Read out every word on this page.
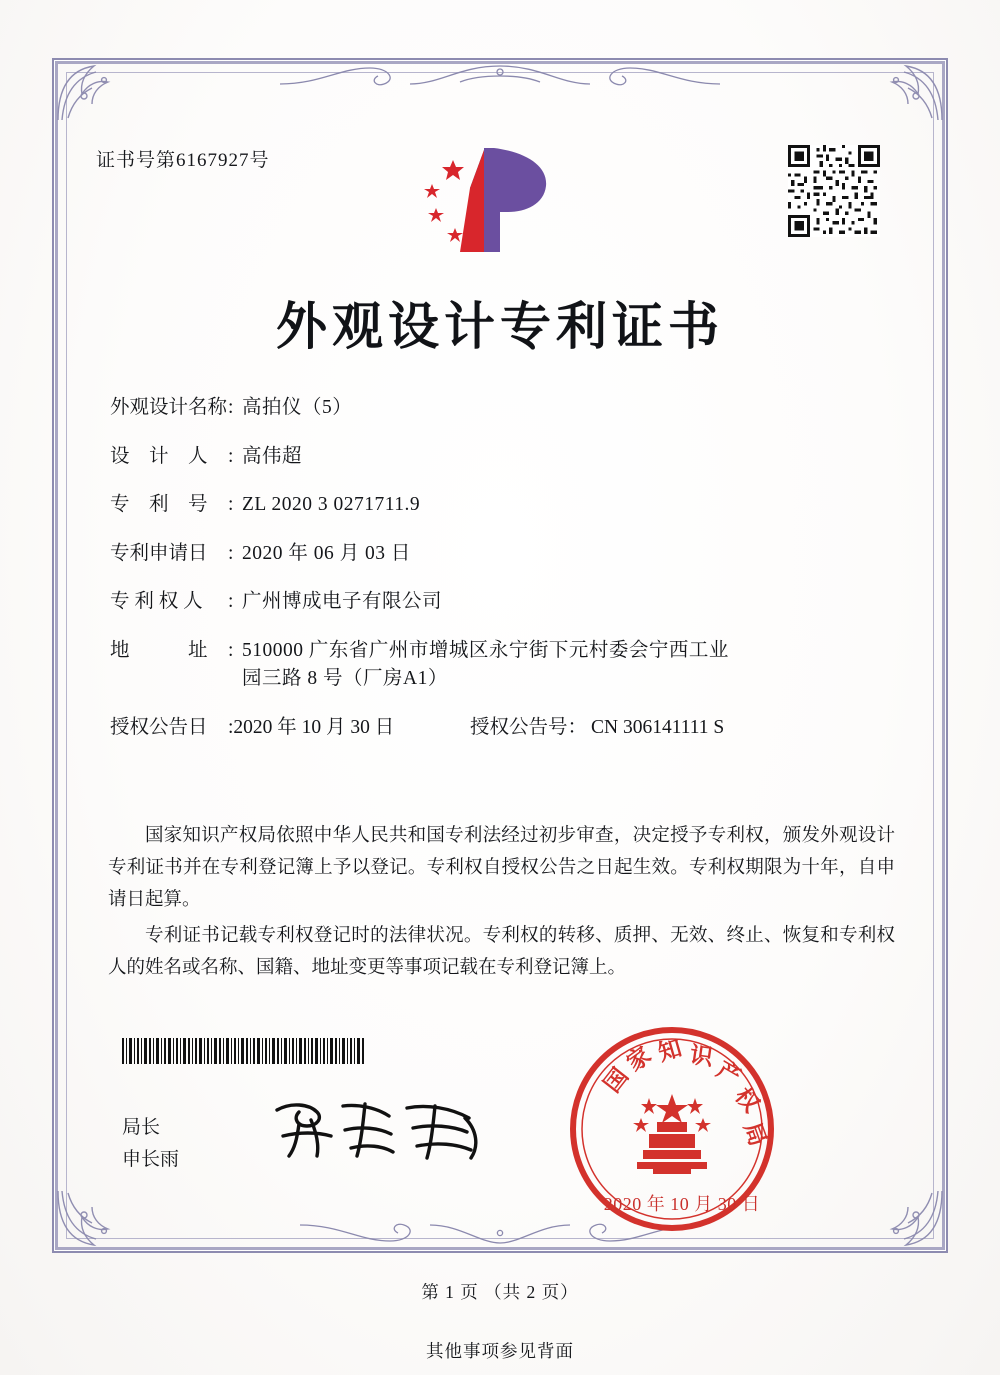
证书号第6167927号
外观设计专利证书
外观设计名称 : 高拍仪（5）
设　计　人	: 高伟超
专　利　号	: ZL 2020 3 0271711.9
专利申请日	: 2020 年 06 月 03 日
专 利 权 人	: 广州博成电子有限公司
地　　　址	: 510000 广东省广州市增城区永宁街下元村委会宁西工业
园三路 8 号（厂房A1）
授权公告日	: 2020 年 10 月 30 日	授权公告号： CN 306141111 S

国家知识产权局依照中华人民共和国专利法经过初步审查，决定授予专利权，颁发外观设计专利证书并在专利登记簿上予以登记。专利权自授权公告之日起生效。专利权期限为十年，自申请日起算。

专利证书记载专利权登记时的法律状况。专利权的转移、质押、无效、终止、恢复和专利权人的姓名或名称、国籍、地址变更等事项记载在专利登记簿上。

局长
申长雨
国
家 知 识
产
权
局
2020 年 10 月 30 日
第 1 页 （共 2 页）
其他事项参见背面
